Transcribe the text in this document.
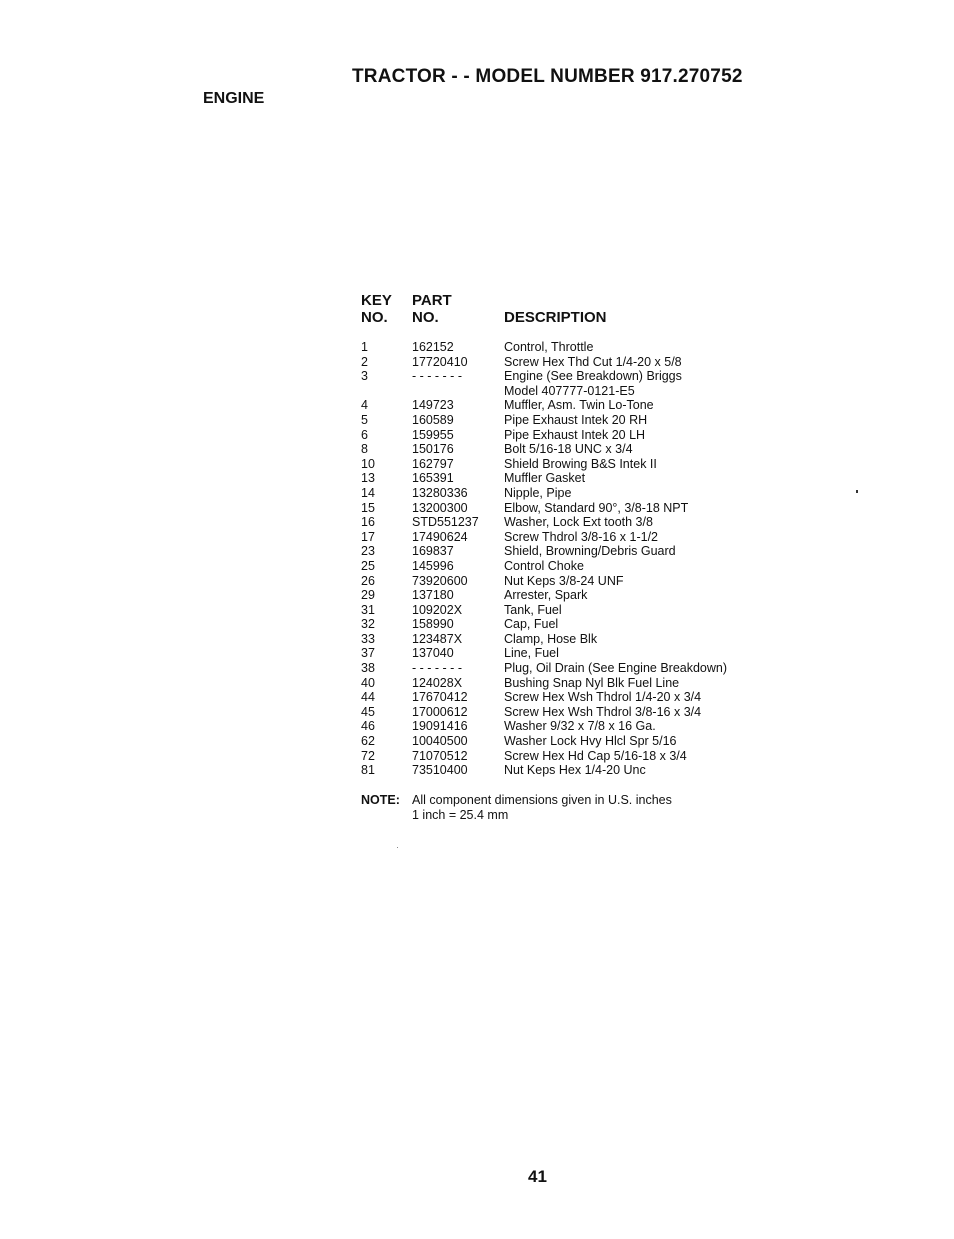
TRACTOR - - MODEL NUMBER 917.270752
ENGINE
KEY
NO.
PART
NO.	DESCRIPTION
1	162152	Control, Throttle
2	17720410	Screw Hex Thd Cut 1/4-20 x 5/8
3	- - - - - - -	Engine (See Breakdown) Briggs
Model 407777-0121-E5
4	149723	Muffler, Asm. Twin Lo-Tone
5	160589	Pipe Exhaust Intek 20 RH
6	159955	Pipe Exhaust Intek 20 LH
8	150176	Bolt 5/16-18 UNC x 3/4
10	162797	Shield Browing B&S Intek II
13	165391	Muffler Gasket
14	13280336	Nipple, Pipe
15	13200300	Elbow, Standard 90°, 3/8-18 NPT
16	STD551237	Washer, Lock Ext tooth 3/8
17	17490624	Screw Thdrol 3/8-16 x 1-1/2
23	169837	Shield, Browning/Debris Guard
25	145996	Control Choke
26	73920600	Nut Keps 3/8-24 UNF
29	137180	Arrester, Spark
31	109202X	Tank, Fuel
32	158990	Cap, Fuel
33	123487X	Clamp, Hose Blk
37	137040	Line, Fuel
38	- - - - - - -	Plug, Oil Drain (See Engine Breakdown)
40	124028X	Bushing Snap Nyl Blk Fuel Line
44	17670412	Screw Hex Wsh Thdrol 1/4-20 x 3/4
45	17000612	Screw Hex Wsh Thdrol 3/8-16 x 3/4
46	19091416	Washer 9/32 x 7/8 x 16 Ga.
62	10040500	Washer Lock Hvy Hlcl Spr 5/16
72	71070512	Screw Hex Hd Cap 5/16-18 x 3/4
81	73510400	Nut Keps Hex 1/4-20 Unc
NOTE: All component dimensions given in U.S. inches
1 inch = 25.4 mm
41
